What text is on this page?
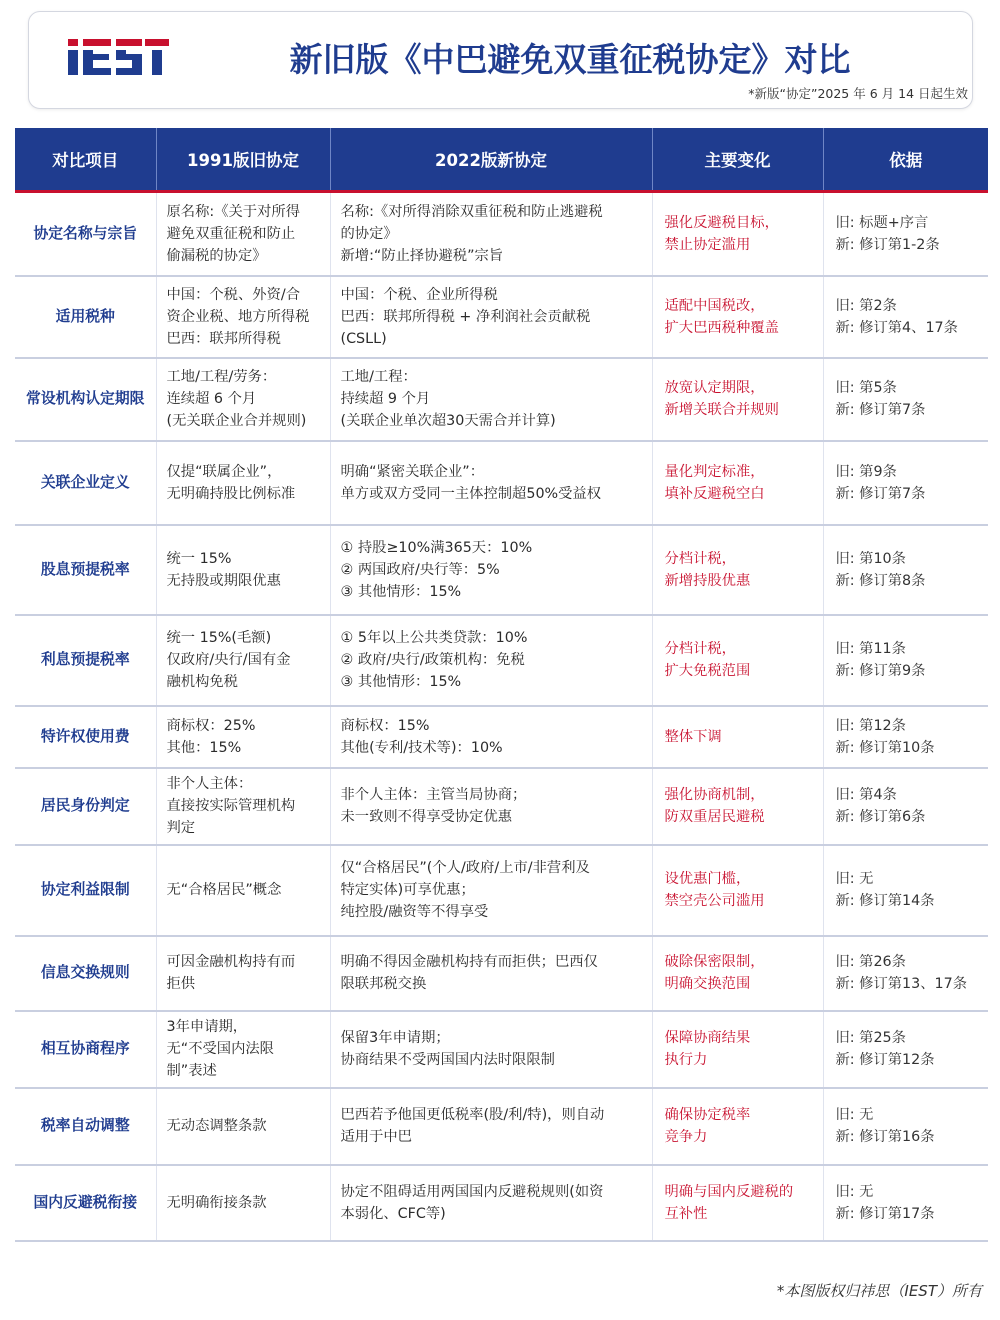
新旧版《中巴避免双重征税协定》对比
*新版“协定”2025 年 6 月 14 日起生效
对比项目	1991版旧协定	2022版新协定	主要变化	依据
协定名称与宗旨	原名称:《关于对所得
避免双重征税和防止
偷漏税的协定》	名称:《对所得消除双重征税和防止逃避税
的协定》
新增:“防止择协避税”宗旨	强化反避税目标，
禁止协定滥用	旧: 标题+序言
新: 修订第1-2条
适用税种	中国：个税、外资/合
资企业税、地方所得税
巴西：联邦所得税	中国：个税、企业所得税
巴西：联邦所得税 + 净利润社会贡献税
(CSLL)	适配中国税改，
扩大巴西税种覆盖	旧: 第2条
新: 修订第4、17条
常设机构认定期限	工地/工程/劳务：
连续超 6 个月
(无关联企业合并规则)	工地/工程：
持续超 9 个月
(关联企业单次超30天需合并计算)	放宽认定期限，
新增关联合并规则	旧: 第5条
新: 修订第7条
关联企业定义	仅提“联属企业”，
无明确持股比例标准	明确“紧密关联企业”：
单方或双方受同一主体控制超50%受益权	量化判定标准，
填补反避税空白	旧: 第9条
新: 修订第7条
股息预提税率	统一 15%
无持股或期限优惠	① 持股≥10%满365天：10%
② 两国政府/央行等：5%
③ 其他情形：15%	分档计税，
新增持股优惠	旧: 第10条
新: 修订第8条
利息预提税率	统一 15%(毛额)
仅政府/央行/国有金
融机构免税	① 5年以上公共类贷款：10%
② 政府/央行/政策机构：免税
③ 其他情形：15%	分档计税，
扩大免税范围	旧: 第11条
新: 修订第9条
特许权使用费	商标权：25%
其他：15%	商标权：15%
其他(专利/技术等)：10%	整体下调	旧: 第12条
新: 修订第10条
居民身份判定	非个人主体：
直接按实际管理机构
判定	非个人主体：主管当局协商；
未一致则不得享受协定优惠	强化协商机制，
防双重居民避税	旧: 第4条
新: 修订第6条
协定利益限制	无“合格居民”概念	仅“合格居民”(个人/政府/上市/非营利及
特定实体)可享优惠；
纯控股/融资等不得享受	设优惠门槛，
禁空壳公司滥用	旧: 无
新: 修订第14条
信息交换规则	可因金融机构持有而
拒供	明确不得因金融机构持有而拒供；巴西仅
限联邦税交换	破除保密限制，
明确交换范围	旧: 第26条
新: 修订第13、17条
相互协商程序	3年申请期，
无“不受国内法限
制”表述	保留3年申请期；
协商结果不受两国国内法时限限制	保障协商结果
执行力	旧: 第25条
新: 修订第12条
税率自动调整	无动态调整条款	巴西若予他国更低税率(股/利/特)，则自动
适用于中巴	确保协定税率
竞争力	旧: 无
新: 修订第16条
国内反避税衔接	无明确衔接条款	协定不阻碍适用两国国内反避税规则(如资
本弱化、CFC等)	明确与国内反避税的
互补性	旧: 无
新: 修订第17条
*本图版权归祎思（IEST）所有
